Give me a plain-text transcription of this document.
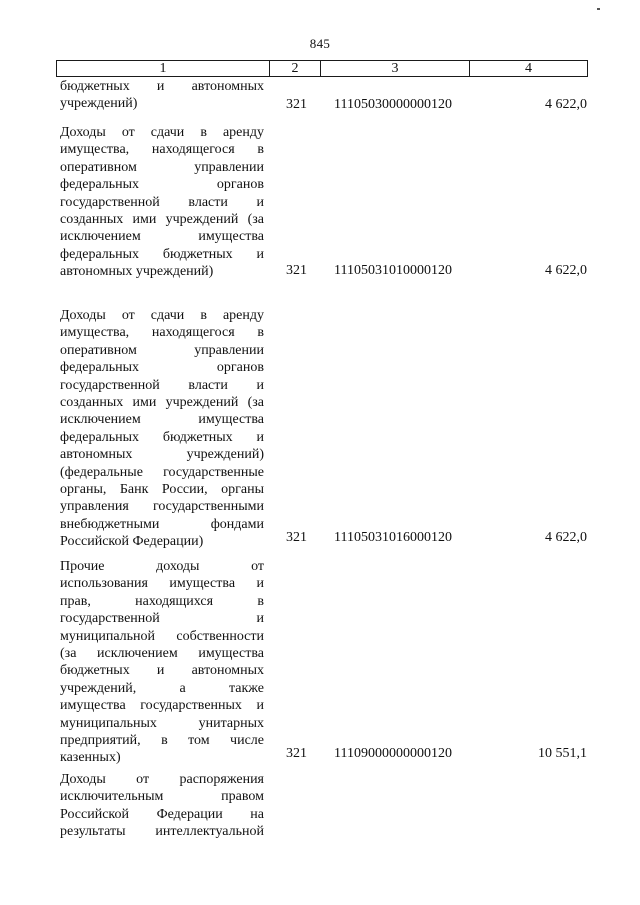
845
1	2	3	4
бюджетных и автономных
учреждений)	321	11105030000000120	4 622,0
Доходы от сдачи в аренду
имущества, находящегося в
оперативном управлении
федеральных органов
государственной власти и
созданных ими учреждений (за
исключением имущества
федеральных бюджетных и
автономных учреждений)	321	11105031010000120	4 622,0
Доходы от сдачи в аренду
имущества, находящегося в
оперативном управлении
федеральных органов
государственной власти и
созданных ими учреждений (за
исключением имущества
федеральных бюджетных и
автономных учреждений)
(федеральные государственные
органы, Банк России, органы
управления государственными
внебюджетными фондами
Российской Федерации)	321	11105031016000120	4 622,0
Прочие доходы от
использования имущества и
прав, находящихся в
государственной и
муниципальной собственности
(за исключением имущества
бюджетных и автономных
учреждений, а также
имущества государственных и
муниципальных унитарных
предприятий, в том числе
казенных)	321	11109000000000120	10 551,1
Доходы от распоряжения
исключительным правом
Российской Федерации на
результаты интеллектуальной
